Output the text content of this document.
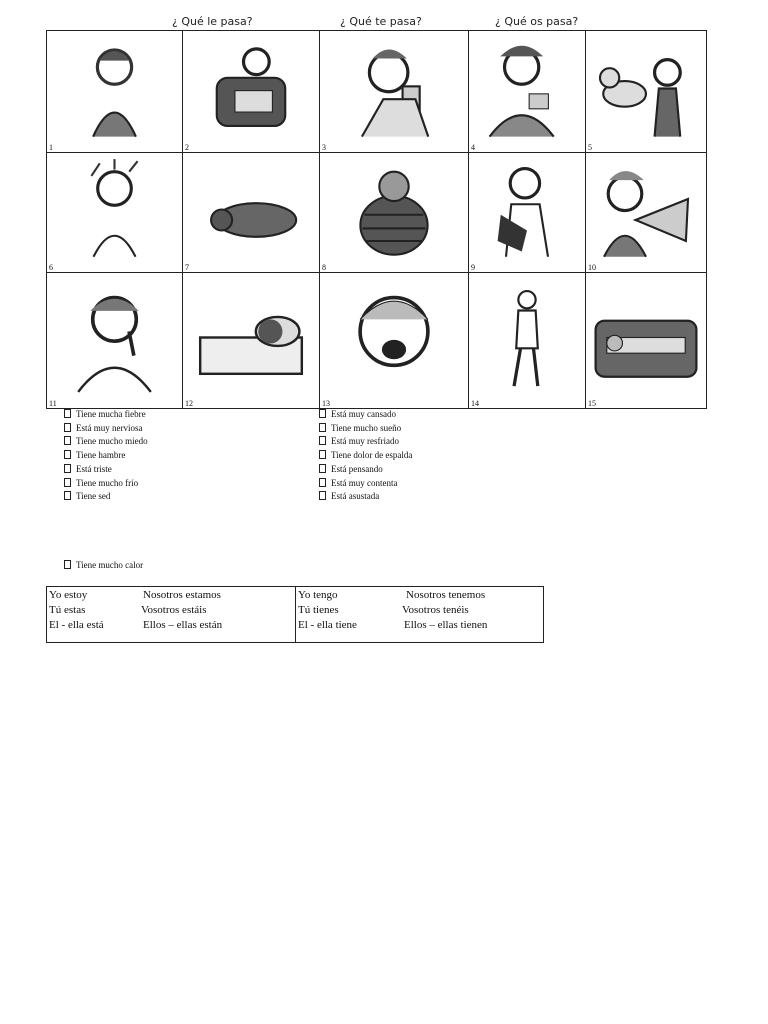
¿ Qué le pasa?	¿ Qué te pasa?	¿ Qué os pasa?
1	2	3	4	5
6	7	8	9	10
11	12	13	14	15
Tiene mucha fiebre
Está muy nerviosa
Tiene mucho miedo
Tiene hambre
Está triste
Tiene mucho frío
Tiene sed
Está muy cansado
Tiene mucho sueño
Está muy resfriado
Tiene dolor de espalda
Está pensando
Está muy contenta
Está asustada
Tiene mucho calor
Yo estoy	Nosotros estamos
Tú estas	Vosotros estáis
El - ella está	Ellos – ellas están
Yo tengo	Nosotros tenemos
Tú tienes	Vosotros tenéis
El - ella tiene	Ellos – ellas tienen
